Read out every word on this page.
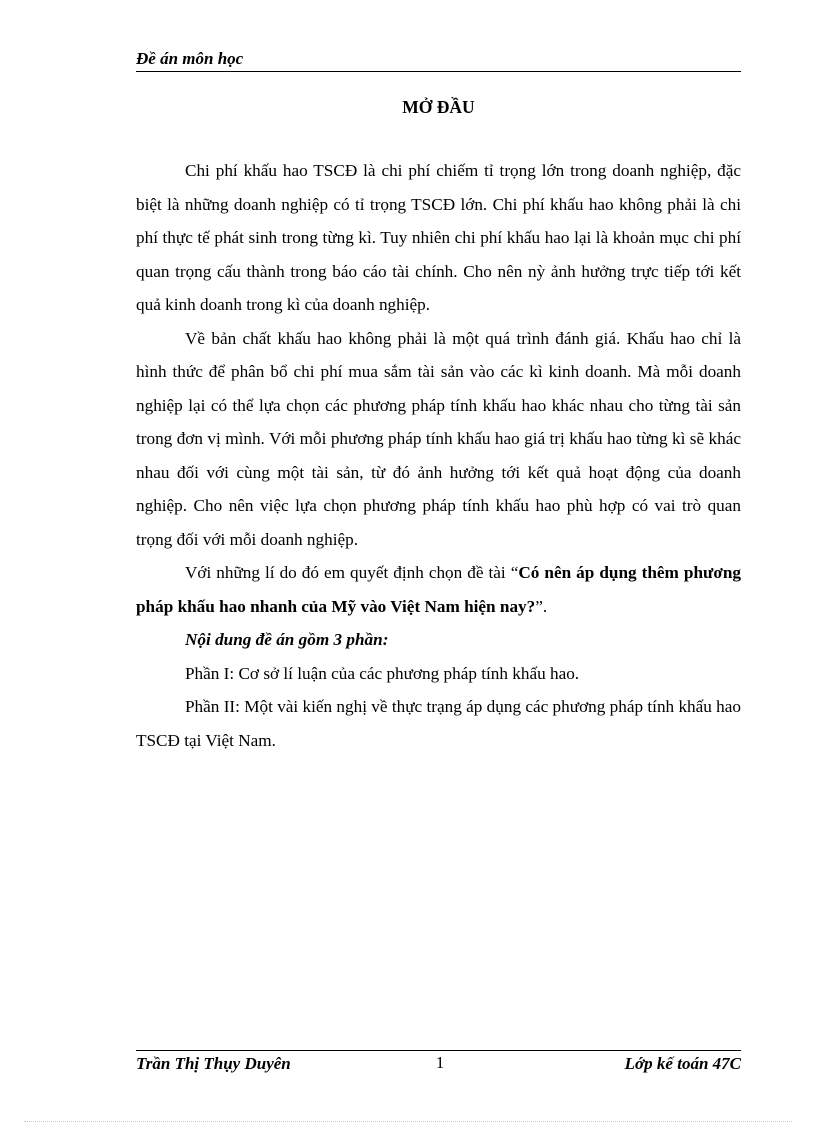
Đề án môn học
MỞ ĐẦU

Chi phí khấu hao TSCĐ là chi phí chiếm tỉ trọng lớn trong doanh nghiệp, đặc biệt là những doanh nghiệp có tỉ trọng TSCĐ lớn. Chi phí khấu hao không phải là chi phí thực tế phát sinh trong từng kì. Tuy nhiên chi phí khấu hao lại là khoản mục chi phí quan trọng cấu thành trong báo cáo tài chính. Cho nên nỳ ảnh hưởng trực tiếp tới kết quả kinh doanh trong kì của doanh nghiệp.

Về bản chất khấu hao không phải là một quá trình đánh giá. Khấu hao chỉ là hình thức để phân bổ chi phí mua sắm tài sản vào các kì kinh doanh. Mà mỗi doanh nghiệp lại có thể lựa chọn các phương pháp tính khấu hao khác nhau cho từng tài sản trong đơn vị mình. Với mỗi phương pháp tính khấu hao giá trị khấu hao từng kì sẽ khác nhau đối với cùng một tài sản, từ đó ảnh hưởng tới kết quả hoạt động của doanh nghiệp. Cho nên việc lựa chọn phương pháp tính khấu hao phù hợp có vai trò quan trọng đối với mỗi doanh nghiệp.

Với những lí do đó em quyết định chọn đề tài “Có nên áp dụng thêm phương pháp khấu hao nhanh của Mỹ vào Việt Nam hiện nay?”.

Nội dung đề án gồm 3 phần:

Phần I: Cơ sở lí luận của các phương pháp tính khấu hao.

Phần II: Một vài kiến nghị về thực trạng áp dụng các phương pháp tính khấu hao TSCĐ tại Việt Nam.

Trần Thị Thụy Duyên	1	Lớp kế toán 47C
